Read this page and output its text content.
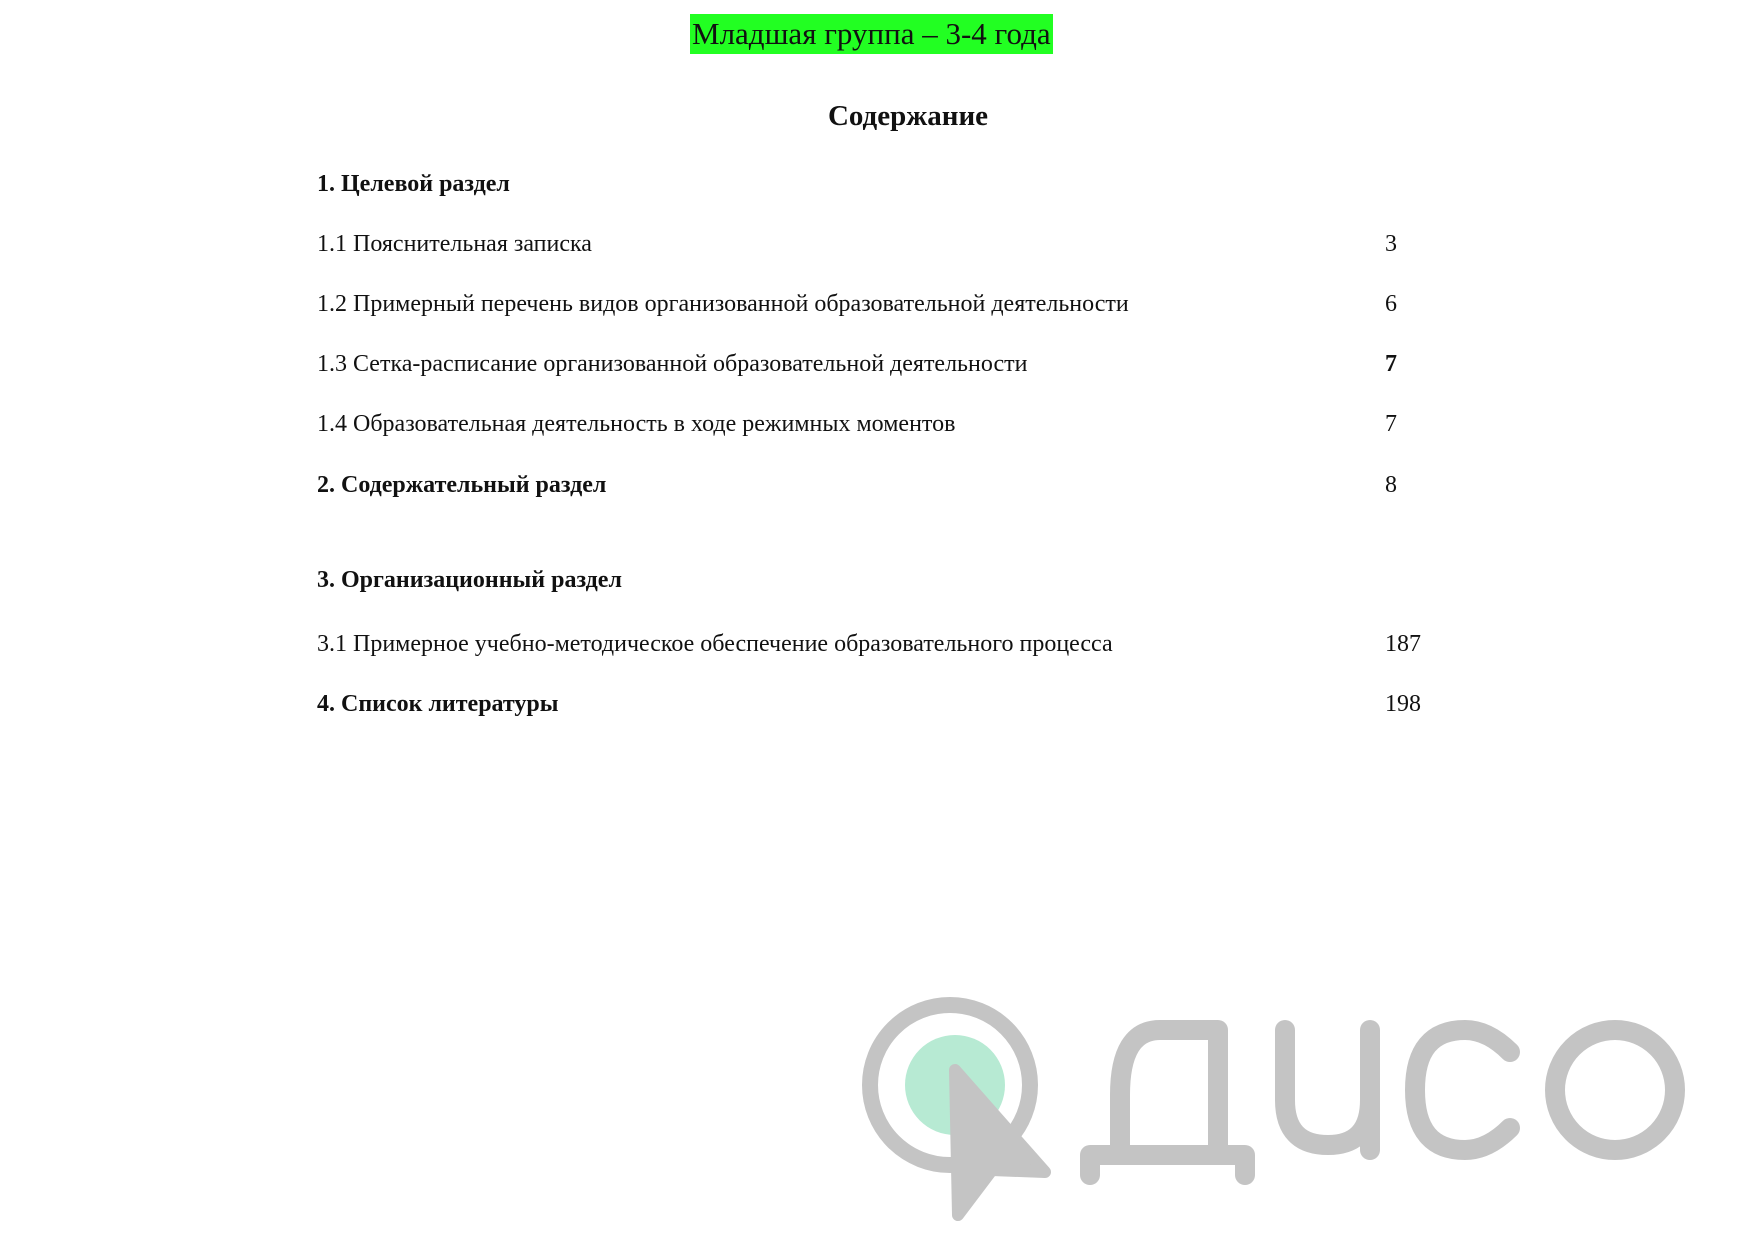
Младшая группа – 3-4 года
Содержание
1. Целевой раздел
1.1 Пояснительная записка	3
1.2 Примерный перечень видов организованной образовательной деятельности	6
1.3 Сетка-расписание организованной образовательной деятельности	7
1.4 Образовательная деятельность в ходе режимных моментов	7
2. Содержательный раздел	8
3. Организационный раздел
3.1 Примерное учебно-методическое обеспечение образовательного процесса	187
4. Список литературы	198
